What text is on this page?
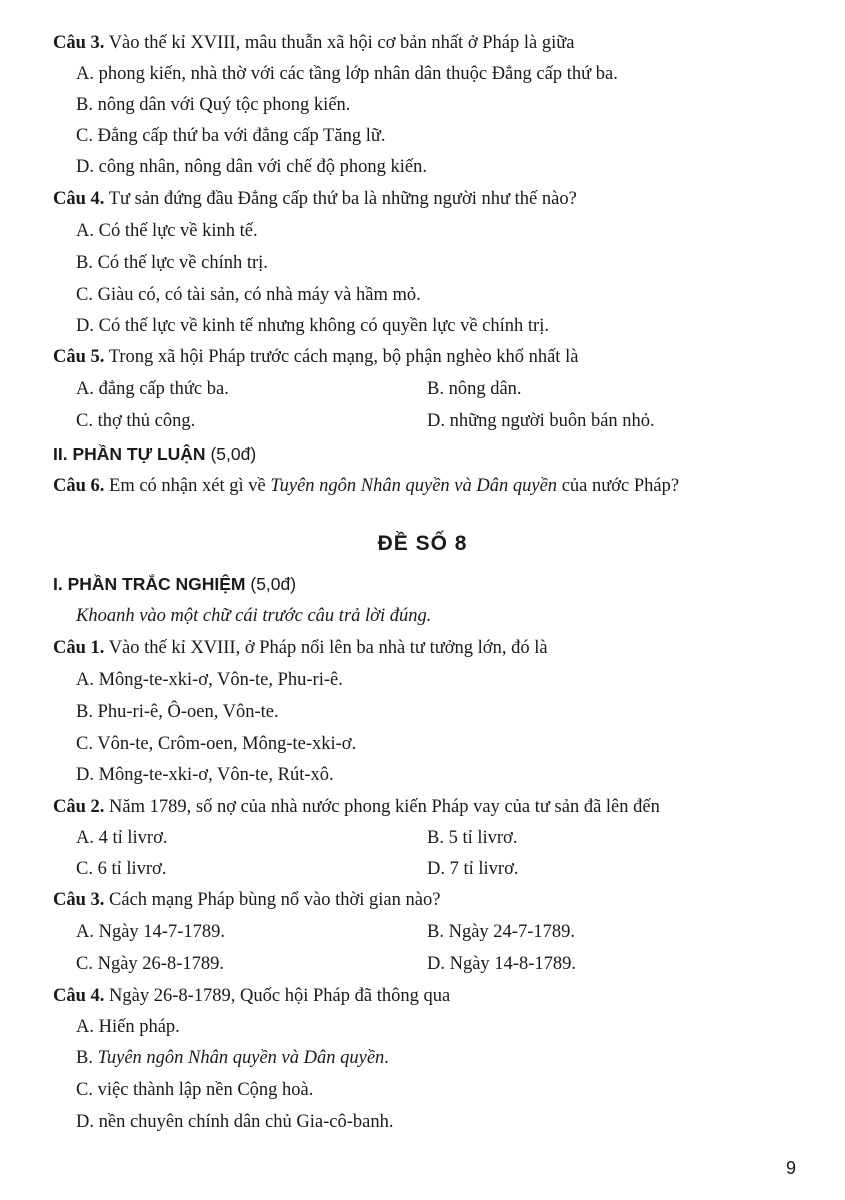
Câu 3. Vào thế kỉ XVIII, mâu thuẫn xã hội cơ bản nhất ở Pháp là giữa
A. phong kiến, nhà thờ với các tầng lớp nhân dân thuộc Đẳng cấp thứ ba.
B. nông dân với Quý tộc phong kiến.
C. Đẳng cấp thứ ba với đẳng cấp Tăng lữ.
D. công nhân, nông dân với chế độ phong kiến.
Câu 4. Tư sản đứng đầu Đẳng cấp thứ ba là những người như thế nào?
A. Có thế lực về kinh tế.
B. Có thế lực về chính trị.
C. Giàu có, có tài sản, có nhà máy và hầm mỏ.
D. Có thế lực về kinh tế nhưng không có quyền lực về chính trị.
Câu 5. Trong xã hội Pháp trước cách mạng, bộ phận nghèo khổ nhất là
A. đẳng cấp thức ba.	B. nông dân.
C. thợ thủ công.	D. những người buôn bán nhỏ.
II. PHẦN TỰ LUẬN (5,0đ)
Câu 6. Em có nhận xét gì về Tuyên ngôn Nhân quyền và Dân quyền của nước Pháp?
ĐỀ SỐ 8
I. PHẦN TRẮC NGHIỆM (5,0đ)
Khoanh vào một chữ cái trước câu trả lời đúng.
Câu 1. Vào thế kỉ XVIII, ở Pháp nổi lên ba nhà tư tưởng lớn, đó là
A. Mông-te-xki-ơ, Vôn-te, Phu-ri-ê.
B. Phu-ri-ê, Ô-oen, Vôn-te.
C. Vôn-te, Crôm-oen, Mông-te-xki-ơ.
D. Mông-te-xki-ơ, Vôn-te, Rút-xô.
Câu 2. Năm 1789, số nợ của nhà nước phong kiến Pháp vay của tư sản đã lên đến
A. 4 tỉ livrơ.	B. 5 tỉ livrơ.
C. 6 tỉ livrơ.	D. 7 tỉ livrơ.
Câu 3. Cách mạng Pháp bùng nổ vào thời gian nào?
A. Ngày 14-7-1789.	B. Ngày 24-7-1789.
C. Ngày 26-8-1789.	D. Ngày 14-8-1789.
Câu 4. Ngày 26-8-1789, Quốc hội Pháp đã thông qua
A. Hiến pháp.
B. Tuyên ngôn Nhân quyền và Dân quyền.
C. việc thành lập nền Cộng hoà.
D. nền chuyên chính dân chủ Gia-cô-banh.
9
